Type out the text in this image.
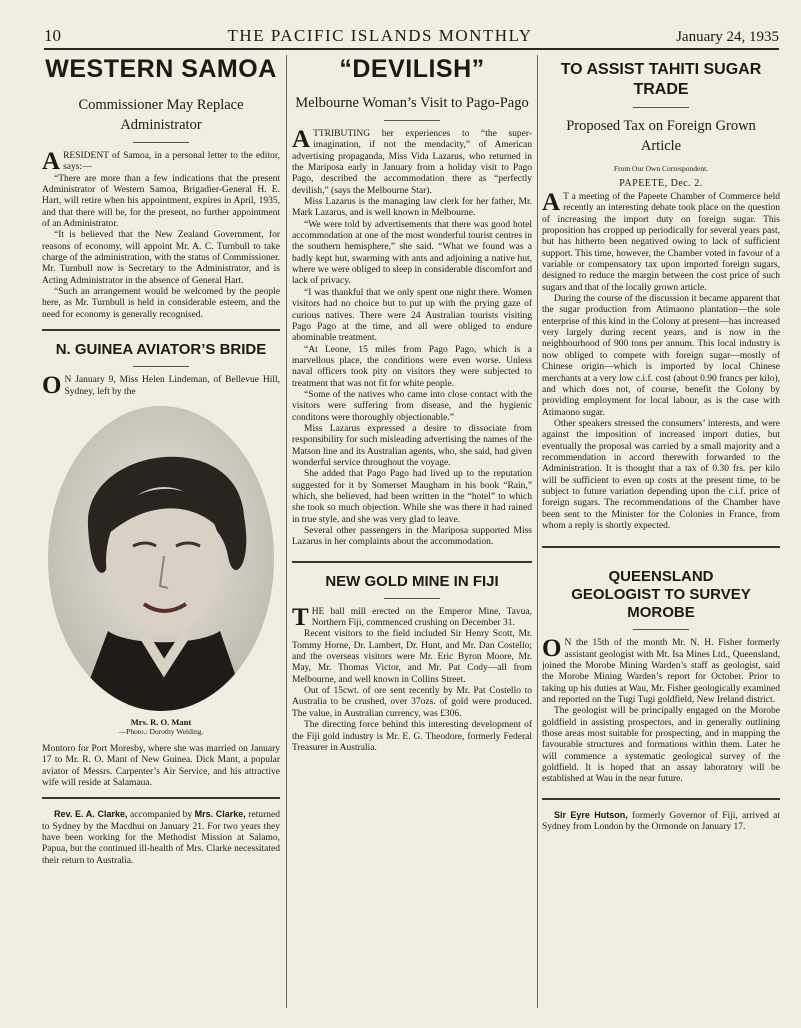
10	THE PACIFIC ISLANDS MONTHLY	January 24, 1935
WESTERN SAMOA
Commissioner May Replace Administrator

A RESIDENT of Samoa, in a personal letter to the editor, says:—

“There are more than a few indications that the present Administrator of Western Samoa, Brigadier-General H. E. Hart, will retire when his appointment, expires in April, 1935, and that there will be, for the present, no further appointment of an Administrator.

“It is believed that the New Zealand Government, for reasons of economy, will appoint Mr. A. C. Turnbull to take charge of the administration, with the status of Commissioner. Mr. Turnbull now is Secretary to the Administrator, and is Acting Administrator in the absence of General Hart.

“Such an arrangement would be welcomed by the people here, as Mr. Turnbull is held in considerable esteem, and the need for economy is generally recognised.

N. GUINEA AVIATOR’S BRIDE

O N January 9, Miss Helen Lindeman, of Bellevue Hill, Sydney, left by the

Mrs. R. O. Mant
—Photo.: Dorothy Welding.

Montoro for Port Moresby, where she was married on January 17 to Mr. R. O. Mant of New Guinea. Dick Mant, a popular aviator of Messrs. Carpenter’s Air Service, and his attractive wife will reside at Salamaua.

Rev. E. A. Clarke, accompanied by Mrs. Clarke, returned to Sydney by the Macdhui on January 21. For two years they have been working for the Methodist Mission at Salamo, Papua, but the continued ill-health of Mrs. Clarke necessitated their return to Australia.

“DEVILISH”
Melbourne Woman’s Visit to Pago-Pago

ATTRIBUTING her experiences to “the super-imagination, if not the mendacity,” of American advertising propaganda, Miss Vida Lazarus, who returned in the Mariposa early in January from a holiday visit to Pago Pago, described the accommodation there as “perfectly devilish,” (says the Melbourne Star).

Miss Lazarus is the managing law clerk for her father, Mr. Mark Lazarus, and is well known in Melbourne.

“We were told by advertisements that there was good hotel accommodation at one of the most wonderful tourist centres in the southern hemisphere,” she said. “What we found was a badly kept hut, swarming with ants and adjoining a native hut, where we were obliged to sleep in considerable discomfort and lack of privacy.

“I was thankful that we only spent one night there. Women visitors had no choice but to put up with the prying gaze of curious natives. There were 24 Australian tourists visiting Pago Pago at the time, and all were obliged to endure abominable treatment.

“At Leone, 15 miles from Pago Pago, which is a marvellous place, the conditions were even worse. Unless naval officers took pity on visitors they were subjected to treatment that was not fit for white people.

“Some of the natives who came into close contact with the visitors were suffering from disease, and the hygienic conditons were thoroughly objectionable.”

Miss Lazarus expressed a desire to dissociate from responsibility for such misleading advertising the names of the Matson line and its Australian agents, who, she said, had given wonderful service throughout the voyage.

She added that Pago Pago had lived up to the reputation suggested for it by Somerset Maugham in his book “Rain,” which, she believed, had been written in the “hotel” to which she took so much objection. While she was there it had rained in true style, and she was very glad to leave.

Several other passengers in the Mariposa supported Miss Lazarus in her complaints about the accommodation.

NEW GOLD MINE IN FIJI

THE ball mill erected on the Emperor Mine, Tavua, Northern Fiji, commenced crushing on December 31.

Recent visitors to the field included Sir Henry Scott, Mr. Tommy Horne, Dr. Lambert, Dr. Hunt, and Mr. Dan Costello; and the overseas visitors were Mr. Eric Byron Moore, Mr. May, Mr. Thomas Victor, and Mr. Pat Cody—all from Melbourne, and well known in Collins Street.

Out of 15cwt. of ore sent recently by Mr. Pat Costello to Australia to be crushed, over 37ozs. of gold were produced. The value, in Australian currency, was £306.

The directing force behind this interesting development of the Fiji gold industry is Mr. E. G. Theodore, formerly Federal Treasurer in Australia.

TO ASSIST TAHITI SUGAR TRADE
Proposed Tax on Foreign Grown Article
From Our Own Correspondent.
PAPEETE, Dec. 2.

A T a meeting of the Papeete Chamber of Commerce held recently an interesting debate took place on the question of increasing the import duty on foreign sugar. This proposition has cropped up periodically for several years past, but has hitherto been negatived owing to lack of sufficient support. This time, however, the Chamber voted in favour of a variable or compensatory tax upon imported foreign sugars, designed to reduce the margin between the cost price of such sugars and that of the locally grown article.

During the course of the discussion it became apparent that the sugar production from Atimaono plantation—the sole enterprise of this kind in the Colony at present—has increased very largely during recent years, and is now in the neighbourhood of 900 tons per annum. This local industry is now obliged to compete with foreign sugar—mostly of Chinese origin—which is imported by local Chinese merchants at a very low c.i.f. cost (about 0.90 francs per kilo), and which does not, of course, benefit the Colony by providing employment for local labour, as is the case with Atimaono sugar.

Other speakers stressed the consumers’ interests, and were against the imposition of increased import duties, but eventually the proposal was carried by a small majority and a recommendation in accord therewith forwarded to the Administration. It is thought that a tax of 0.30 frs. per kilo will be sufficient to even up costs at the present time, to be subject to future variation depending upon the c.i.f. price of foreign sugars. The recommendations of the Chamber have been sent to the Minister for the Colonies in France, from whom a reply is shortly expected.

QUEENSLAND GEOLOGIST TO SURVEY MOROBE

O N the 15th of the month Mr. N. H. Fisher formerly assistant geologist with Mt. Isa Mines Ltd., Queensland, joined the Morobe Mining Warden’s staff as geologist, said the Morobe Mining Warden’s report for October. Prior to taking up his duties at Wau, Mr. Fisher geologically examined and reported on the Tugi Tugi goldfield, New Ireland district.

The geologist will be principally engaged on the Morobe goldfield in assisting prospectors, and in generally outlining those areas most suitable for prospecting, and in mapping the favourable structures and formations within them. Later he will commence a systematic geological survey of the goldfield. It is hoped that an assay laboratory will be established at Wau in the near future.

Sir Eyre Hutson, formerly Governor of Fiji, arrived at Sydney from London by the Ormonde on January 17.
